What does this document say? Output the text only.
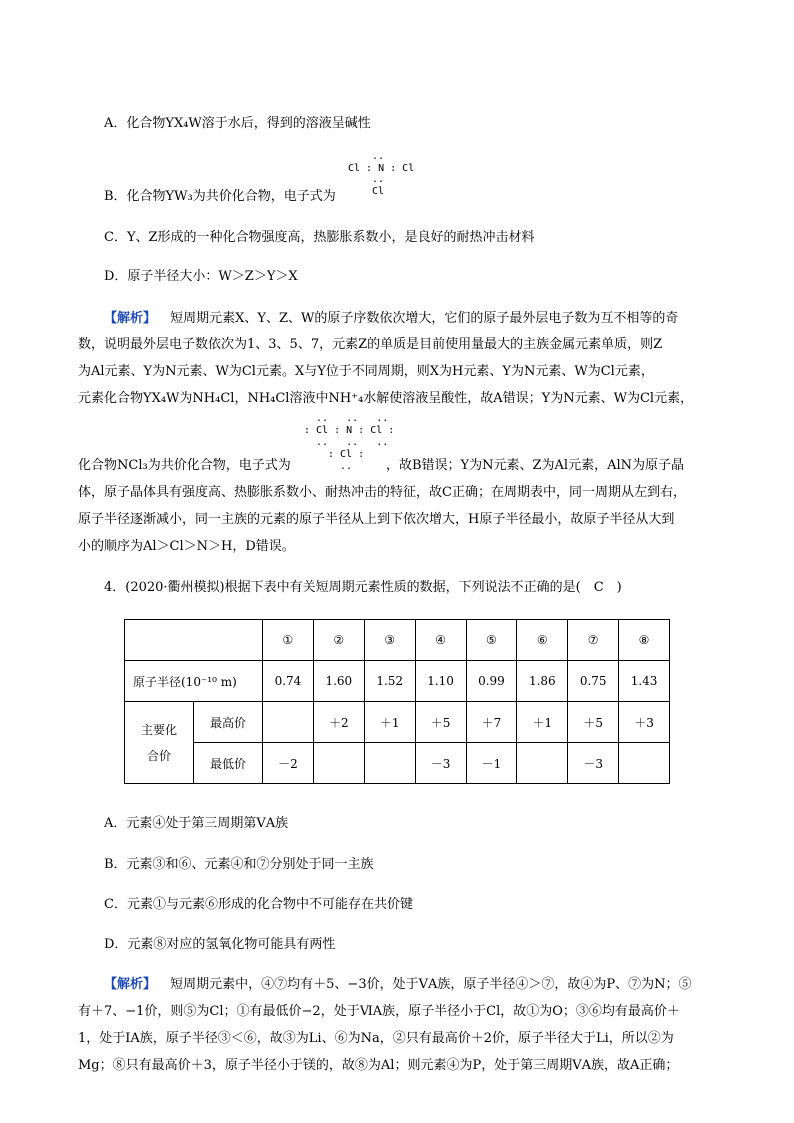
A．化合物YX₄W溶于水后，得到的溶液呈碱性
..
Cl : N : Cl
..
Cl
B．化合物YW₃为共价化合物，电子式为
C．Y、Z形成的一种化合物强度高，热膨胀系数小，是良好的耐热冲击材料
D．原子半径大小：W＞Z＞Y＞X
【解析】 短周期元素X、Y、Z、W的原子序数依次增大，它们的原子最外层电子数为互不相等的奇
数，说明最外层电子数依次为1、3、5、7，元素Z的单质是目前使用量最大的主族金属元素单质，则Z
为Al元素、Y为N元素、W为Cl元素。X与Y位于不同周期，则X为H元素、Y为N元素、W为Cl元素，
元素化合物YX₄W为NH₄Cl，NH₄Cl溶液中NH⁺₄水解使溶液呈酸性，故A错误；Y为N元素、W为Cl元素，
..   ..   ..
: Cl : N : Cl :
..   ..   ..
: Cl :
..
化合物NCl₃为共价化合物，电子式为	，故B错误；Y为N元素、Z为Al元素，AlN为原子晶
体，原子晶体具有强度高、热膨胀系数小、耐热冲击的特征，故C正确；在周期表中，同一周期从左到右，
原子半径逐渐减小，同一主族的元素的原子半径从上到下依次增大，H原子半径最小，故原子半径从大到
小的顺序为Al＞Cl＞N＞H，D错误。
4．(2020·衢州模拟)根据下表中有关短周期元素性质的数据，下列说法不正确的是(　C　)
		①	②	③	④	⑤	⑥	⑦	⑧
原子半径(10⁻¹⁰ m)		0.74	1.60	1.52	1.10	0.99	1.86	0.75	1.43

主要化
合价	最高价		＋2	＋1	＋5	＋7	＋1	＋5	＋3
	最低价	－2			－3	－1		－3	
A．元素④处于第三周期第ⅤA族
B．元素③和⑥、元素④和⑦分别处于同一主族
C．元素①与元素⑥形成的化合物中不可能存在共价键
D．元素⑧对应的氢氧化物可能具有两性
【解析】 短周期元素中，④⑦均有＋5、−3价，处于ⅤA族，原子半径④＞⑦，故④为P、⑦为N；⑤
有＋7、−1价，则⑤为Cl；①有最低价−2，处于ⅥA族，原子半径小于Cl，故①为O；③⑥均有最高价＋
1，处于ⅠA族，原子半径③＜⑥，故③为Li、⑥为Na，②只有最高价＋2价，原子半径大于Li，所以②为
Mg；⑧只有最高价＋3，原子半径小于镁的，故⑧为Al；则元素④为P，处于第三周期ⅤA族，故A正确；
